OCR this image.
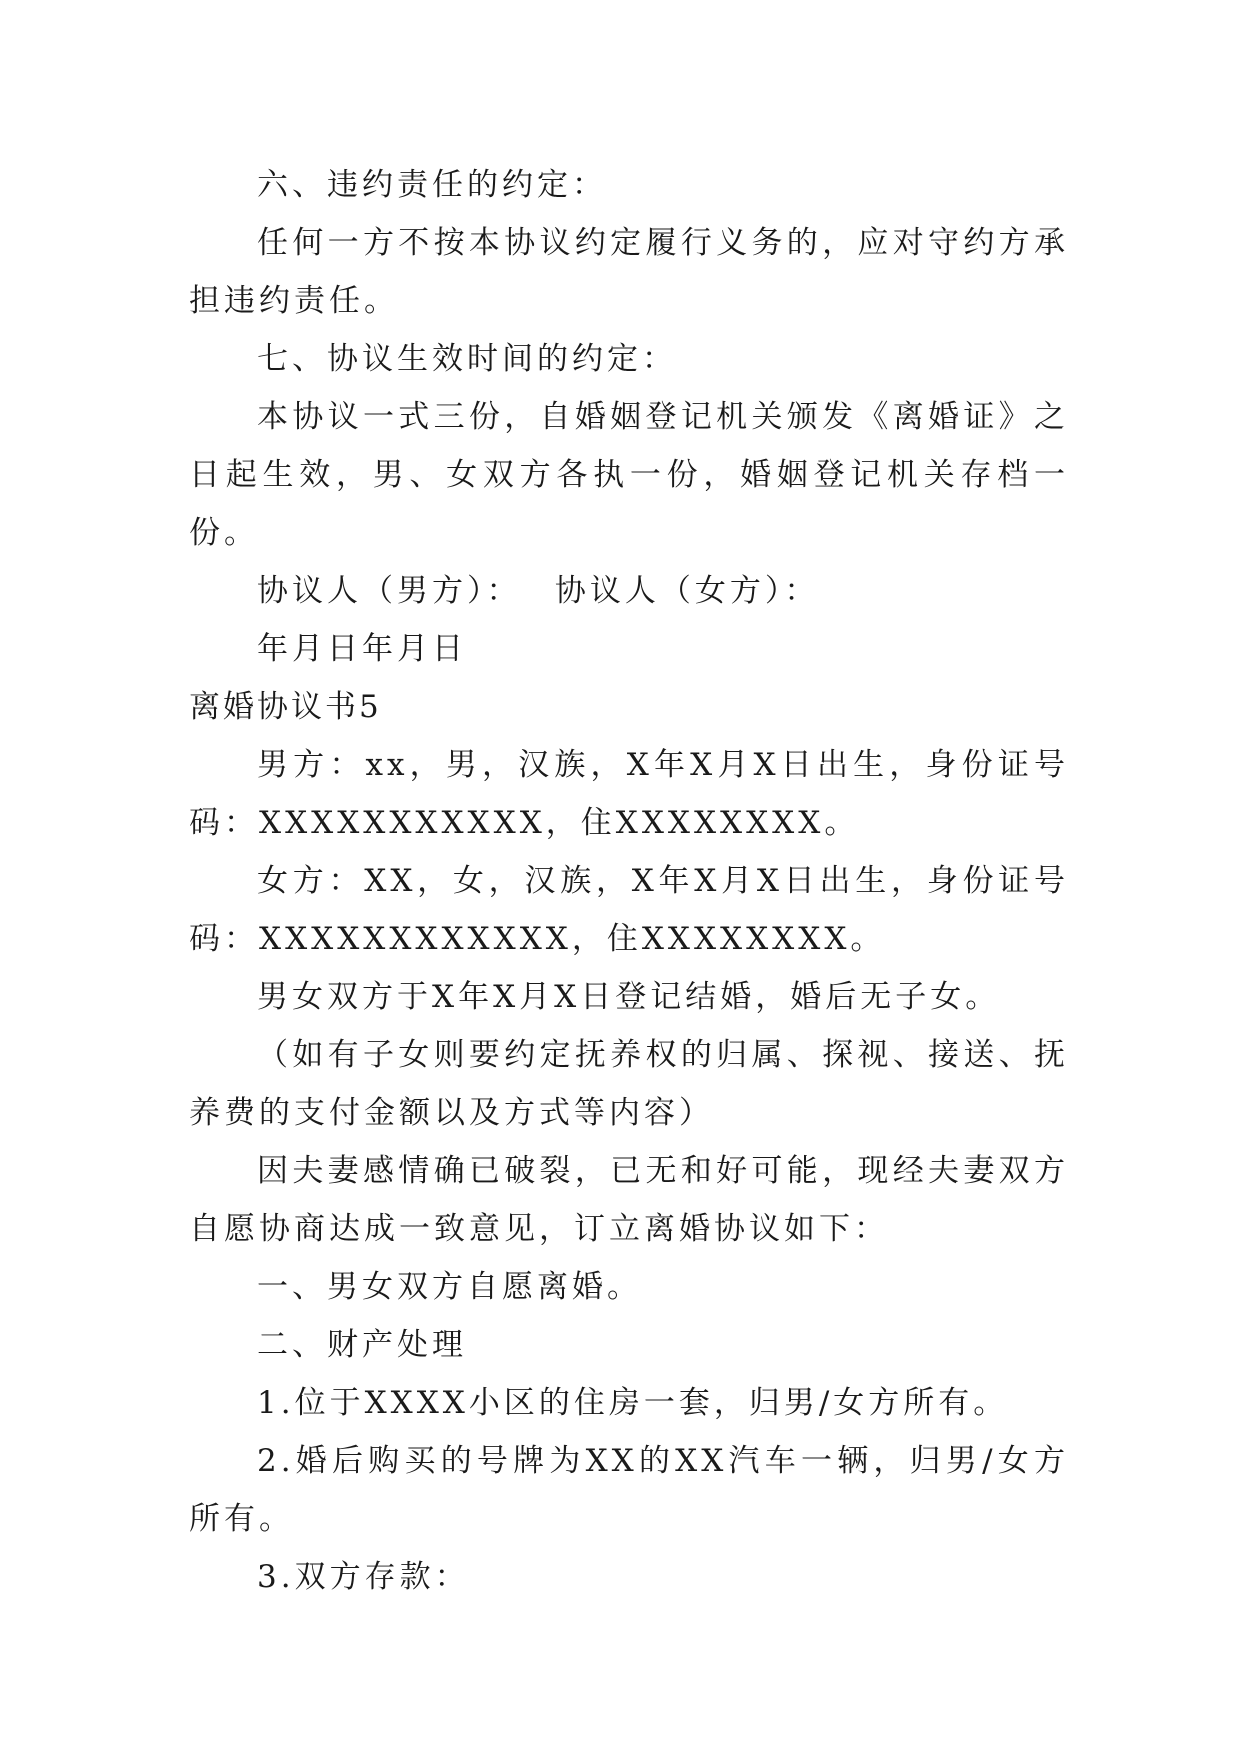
六、违约责任的约定：

任何一方不按本协议约定履行义务的，应对守约方承担违约责任。

七、协议生效时间的约定：

本协议一式三份，自婚姻登记机关颁发《离婚证》之日起生效，男、女双方各执一份，婚姻登记机关存档一份。

协议人（男方）：　 协议人（女方）：

年月日年月日

离婚协议书5

男方：xx，男，汉族，X年X月X日出生，身份证号码：XXXXXXXXXXX，住XXXXXXXX。

女方：XX，女，汉族，X年X月X日出生，身份证号码：XXXXXXXXXXXX，住XXXXXXXX。

男女双方于X年X月X日登记结婚，婚后无子女。

（如有子女则要约定抚养权的归属、探视、接送、抚养费的支付金额以及方式等内容）

因夫妻感情确已破裂，已无和好可能，现经夫妻双方自愿协商达成一致意见，订立离婚协议如下：

一、男女双方自愿离婚。

二、财产处理

1.位于XXXX小区的住房一套，归男/女方所有。

2.婚后购买的号牌为XX的XX汽车一辆，归男/女方所有。

3.双方存款：
